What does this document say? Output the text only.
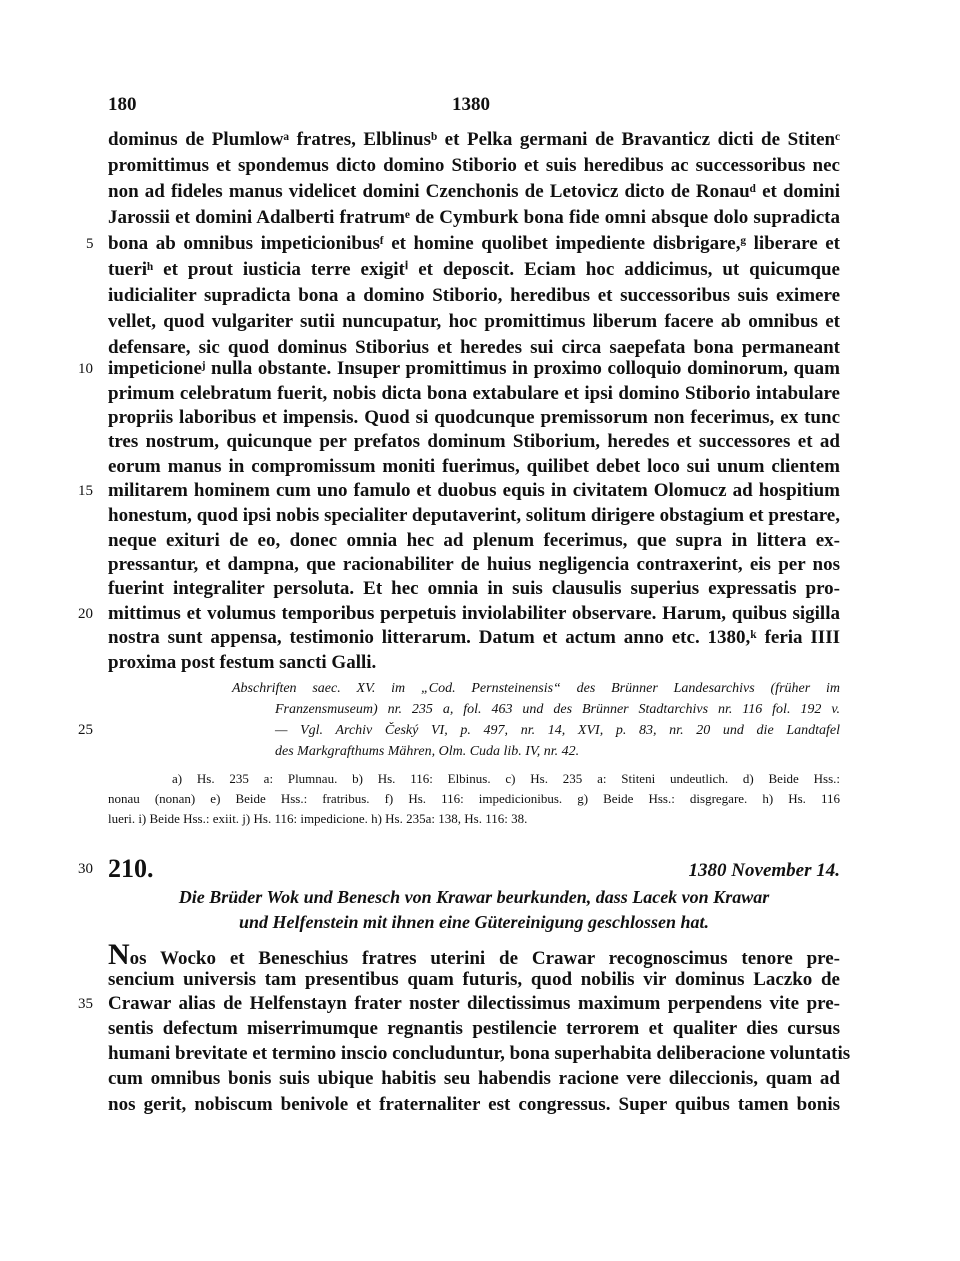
180	1380
dominus de Plumlowᵃ fratres, Elblinusᵇ et Pelka germani de Bravanticz dicti de Stitenᶜ
promittimus et spondemus dicto domino Stiborio et suis heredibus ac successoribus nec
non ad fideles manus videlicet domini Czenchonis de Letovicz dicto de Ronauᵈ et domini
Jarossii et domini Adalberti fratrumᵉ de Cymburk bona fide omni absque dolo supradicta
bona ab omnibus impeticionibusᶠ et homine quolibet impediente disbrigare,ᵍ liberare et
tueriʰ et prout iusticia terre exigitⁱ et deposcit. Eciam hoc addicimus, ut quicumque
iudicialiter supradicta bona a domino Stiborio, heredibus et successoribus suis eximere
vellet, quod vulgariter sutii nuncupatur, hoc promittimus liberum facere ab omnibus et
defensare, sic quod dominus Stiborius et heredes sui circa saepefata bona permaneant
impeticioneʲ nulla obstante. Insuper promittimus in proximo colloquio dominorum, quam
primum celebratum fuerit, nobis dicta bona extabulare et ipsi domino Stiborio intabulare
propriis laboribus et impensis. Quod si quodcunque premissorum non fecerimus, ex tunc
tres nostrum, quicunque per prefatos dominum Stiborium, heredes et successores et ad
eorum manus in compromissum moniti fuerimus, quilibet debet loco sui unum clientem
militarem hominem cum uno famulo et duobus equis in civitatem Olomucz ad hospitium
honestum, quod ipsi nobis specialiter deputaverint, solitum dirigere obstagium et prestare,
neque exituri de eo, donec omnia hec ad plenum fecerimus, que supra in littera ex-
pressantur, et dampna, que racionabiliter de huius negligencia contraxerint, eis per nos
fuerint integraliter persoluta. Et hec omnia in suis clausulis superius expressatis pro-
mittimus et volumus temporibus perpetuis inviolabiliter observare. Harum, quibus sigilla
nostra sunt appensa, testimonio litterarum. Datum et actum anno etc. 1380,ᵏ feria IIII
proxima post festum sancti Galli.
5
10
15
20
25
30
35
Abschriften saec. XV. im „Cod. Pernsteinensis“ des Brünner Landesarchivs (früher im
Franzensmuseum) nr. 235 a, fol. 463 und des Brünner Stadtarchivs nr. 116 fol. 192 v.
— Vgl. Archiv Český VI, p. 497, nr. 14, XVI, p. 83, nr. 20 und die Landtafel
des Markgrafthums Mähren, Olm. Cuda lib. IV, nr. 42.
a) Hs. 235 a: Plumnau. b) Hs. 116: Elbinus. c) Hs. 235 a: Stiteni undeutlich. d) Beide Hss.:
nonau (nonan) e) Beide Hss.: fratribus. f) Hs. 116: impedicionibus. g) Beide Hss.: disgregare. h) Hs. 116
lueri. i) Beide Hss.: exiit. j) Hs. 116: impedicione. h) Hs. 235a: 138, Hs. 116: 38.
210.	1380 November 14.
Die Brüder Wok und Benesch von Krawar beurkunden, dass Lacek von Krawar
und Helfenstein mit ihnen eine Gütereinigung geschlossen hat.
Nos Wocko et Beneschius fratres uterini de Crawar recognoscimus tenore pre-
sencium universis tam presentibus quam futuris, quod nobilis vir dominus Laczko de
Crawar alias de Helfenstayn frater noster dilectissimus maximum perpendens vite pre-
sentis defectum miserrimumque regnantis pestilencie terrorem et qualiter dies cursus
humani brevitate et termino inscio concluduntur, bona superhabita deliberacione voluntatis
cum omnibus bonis suis ubique habitis seu habendis racione vere dileccionis, quam ad
nos gerit, nobiscum benivole et fraternaliter est congressus. Super quibus tamen bonis
